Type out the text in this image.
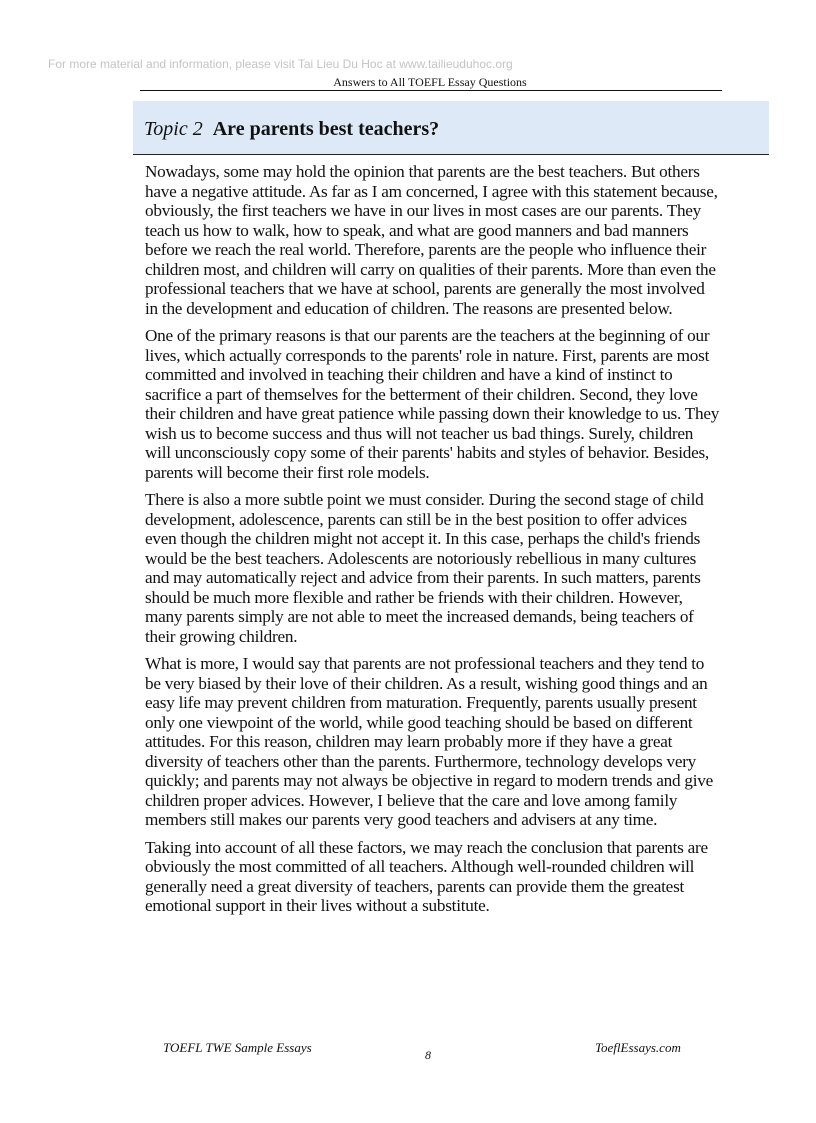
For more material and information, please visit Tai Lieu Du Hoc at www.tailieuduhoc.org
Answers to All TOEFL Essay Questions
Topic 2 Are parents best teachers?

Nowadays, some may hold the opinion that parents are the best teachers. But others have a negative attitude. As far as I am concerned, I agree with this statement because, obviously, the first teachers we have in our lives in most cases are our parents. They teach us how to walk, how to speak, and what are good manners and bad manners before we reach the real world. Therefore, parents are the people who influence their children most, and children will carry on qualities of their parents. More than even the professional teachers that we have at school, parents are generally the most involved in the development and education of children. The reasons are presented below.

One of the primary reasons is that our parents are the teachers at the beginning of our lives, which actually corresponds to the parents' role in nature. First, parents are most committed and involved in teaching their children and have a kind of instinct to sacrifice a part of themselves for the betterment of their children. Second, they love their children and have great patience while passing down their knowledge to us. They wish us to become success and thus will not teacher us bad things. Surely, children will unconsciously copy some of their parents' habits and styles of behavior. Besides, parents will become their first role models.

There is also a more subtle point we must consider. During the second stage of child development, adolescence, parents can still be in the best position to offer advices even though the children might not accept it. In this case, perhaps the child's friends would be the best teachers. Adolescents are notoriously rebellious in many cultures and may automatically reject and advice from their parents. In such matters, parents should be much more flexible and rather be friends with their children. However, many parents simply are not able to meet the increased demands, being teachers of their growing children.

What is more, I would say that parents are not professional teachers and they tend to be very biased by their love of their children. As a result, wishing good things and an easy life may prevent children from maturation. Frequently, parents usually present only one viewpoint of the world, while good teaching should be based on different attitudes. For this reason, children may learn probably more if they have a great diversity of teachers other than the parents. Furthermore, technology develops very quickly; and parents may not always be objective in regard to modern trends and give children proper advices. However, I believe that the care and love among family members still makes our parents very good teachers and advisers at any time.

Taking into account of all these factors, we may reach the conclusion that parents are obviously the most committed of all teachers. Although well-rounded children will generally need a great diversity of teachers, parents can provide them the greatest emotional support in their lives without a substitute.

TOEFL TWE Sample Essays	8	ToeflEssays.com
